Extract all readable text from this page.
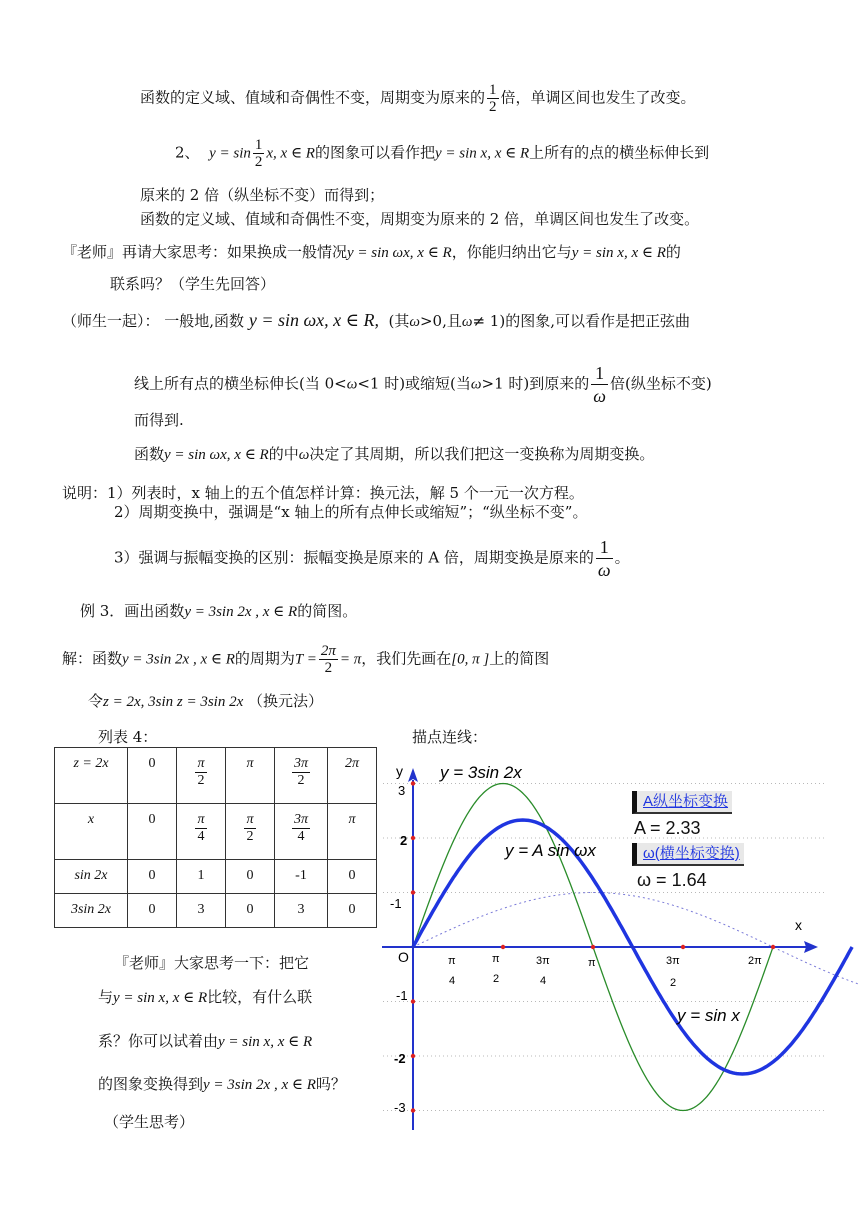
函数的定义域、值域和奇偶性不变，周期变为原来的 $\frac{1}{2}$ 倍，单调区间也发生了改变。
2、 $y = \sin \frac{1}{2} x$, x ∈ R的图象可以看作把y = sin x, x ∈ R上所有的点的横坐标伸长到
原来的 2 倍（纵坐标不变）而得到；
函数的定义域、值域和奇偶性不变，周期变为原来的 2 倍，单调区间也发生了改变。
『老师』再请大家思考：如果换成一般情况y = sin ωx, x ∈ R，你能归纳出它与y = sin x, x ∈ R的
联系吗？（学生先回答）
（师生一起）： 一般地,函数 y = sin ωx, x ∈ R, (其ω>0,且ω≠ 1)的图象,可以看作是把正弦曲
线上所有点的横坐标伸长(当 0<ω<1 时)或缩短(当ω>1 时)到原来的 $\frac{1}{\omega}$ 倍(纵坐标不变)
而得到.
函数y = sin ωx, x ∈ R的中ω决定了其周期，所以我们把这一变换称为周期变换。
说明：1）列表时，x 轴上的五个值怎样计算：换元法，解 5 个一元一次方程。
2）周期变换中，强调是“x 轴上的所有点伸长或缩短”；“纵坐标不变”。
3）强调与振幅变换的区别：振幅变换是原来的 A 倍，周期变换是原来的 $\frac{1}{\omega}$ 。
例 3．画出函数y = 3sin 2x , x ∈ R的简图。
解：函数y = 3sin 2x , x ∈ R的周期为$T = \frac{2\pi}{2} = \pi$，我们先画在[0, π ]上的简图
令z = 2x, 3sin z = 3sin 2x （换元法）
列表 4：	描点连线：
z = 2x	0	$\frac{\pi}{2}$	π	$\frac{3\pi}{2}$	2π
x	0	$\frac{\pi}{4}$	$\frac{\pi}{2}$	$\frac{3\pi}{4}$	π
sin 2x	0	1	0	-1	0
3sin 2x	0	3	0	3	0
『老师』大家思考一下：把它
与y = sin x, x ∈ R比较，有什么联
系？你可以试着由y = sin x, x ∈ R
的图象变换得到y = 3sin 2x , x ∈ R吗？
（学生思考）
y
x
O
3
2
-1
-1
-2
-3
π
4
π
2
3π
4
π	3π
2
2π
y = 3sin 2x
y = A sin ωx
y = sin x
A纵坐标变换
A = 2.33
ω(横坐标变换)
ω = 1.64
